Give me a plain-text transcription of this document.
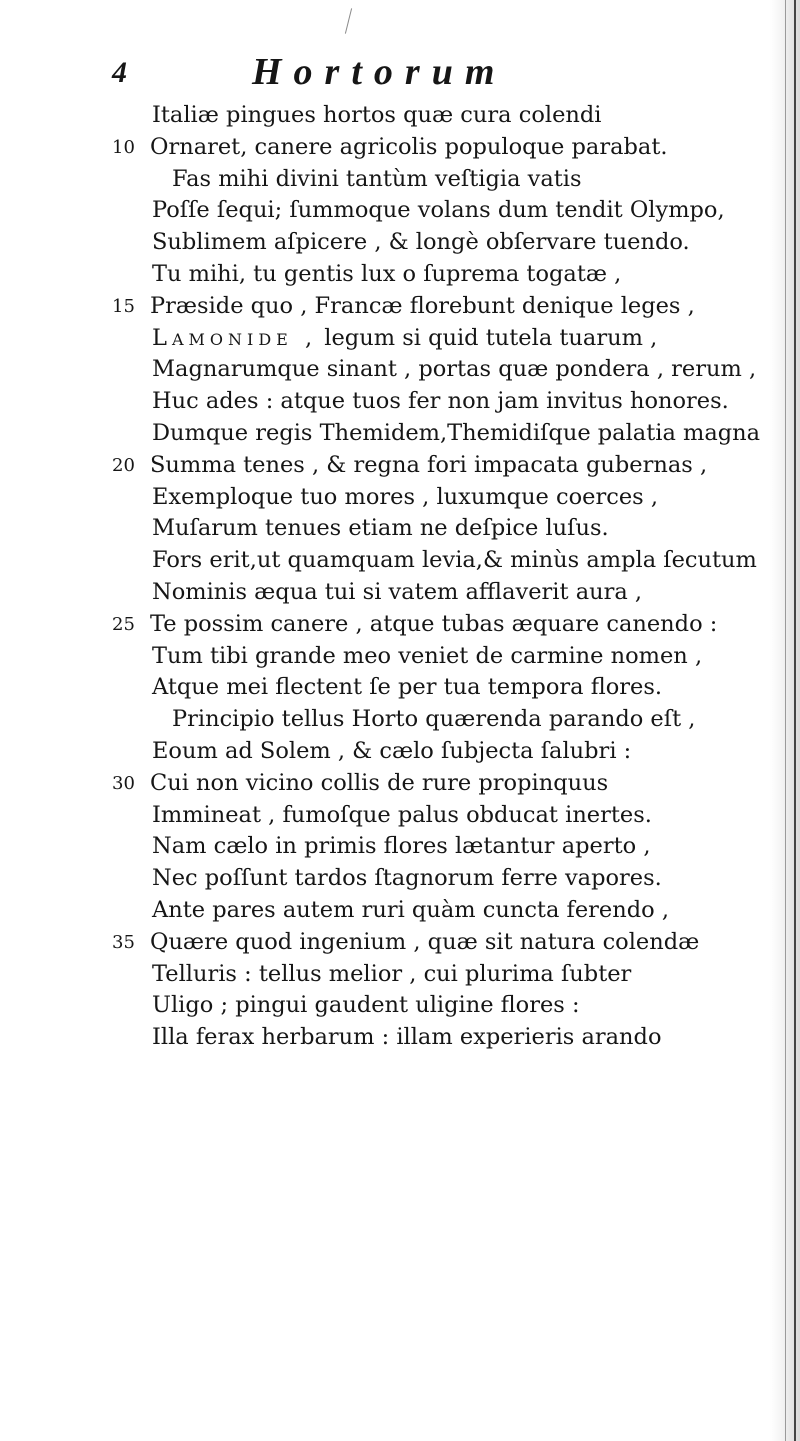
4	Hortorum
Italiæ pingues hortos quæ cura colendi
10 Ornaret, canere agricolis populoque parabat.
Fas mihi divini tantùm veſtigia vatis
Poſſe ſequi; ſummoque volans dum tendit Olympo,
Sublimem aſpicere , & longè obſervare tuendo.
Tu mihi, tu gentis lux o ſuprema togatæ ,
15 Præside quo , Francæ florebunt denique leges ,
Lamonide , legum si quid tutela tuarum ,
Magnarumque sinant , portas quæ pondera , rerum ,
Huc ades : atque tuos fer non jam invitus honores.
Dumque regis Themidem,Themidiſque palatia magna
20 Summa tenes , & regna fori impacata gubernas ,
Exemploque tuo mores , luxumque coerces ,
Muſarum tenues etiam ne deſpice luſus.
Fors erit,ut quamquam levia,& minùs ampla ſecutum
Nominis æqua tui si vatem afflaverit aura ,
25 Te possim canere , atque tubas æquare canendo :
Tum tibi grande meo veniet de carmine nomen ,
Atque mei flectent ſe per tua tempora flores.
Principio tellus Horto quærenda parando eſt ,
Eoum ad Solem , & cælo ſubjecta ſalubri :
30 Cui non vicino collis de rure propinquus
Immineat , fumoſque palus obducat inertes.
Nam cælo in primis flores lætantur aperto ,
Nec poſſunt tardos ſtagnorum ferre vapores.
Ante pares autem ruri quàm cuncta ferendo ,
35 Quære quod ingenium , quæ sit natura colendæ
Telluris : tellus melior , cui plurima ſubter
Uligo ; pingui gaudent uligine flores :
Illa ferax herbarum : illam experieris arando
